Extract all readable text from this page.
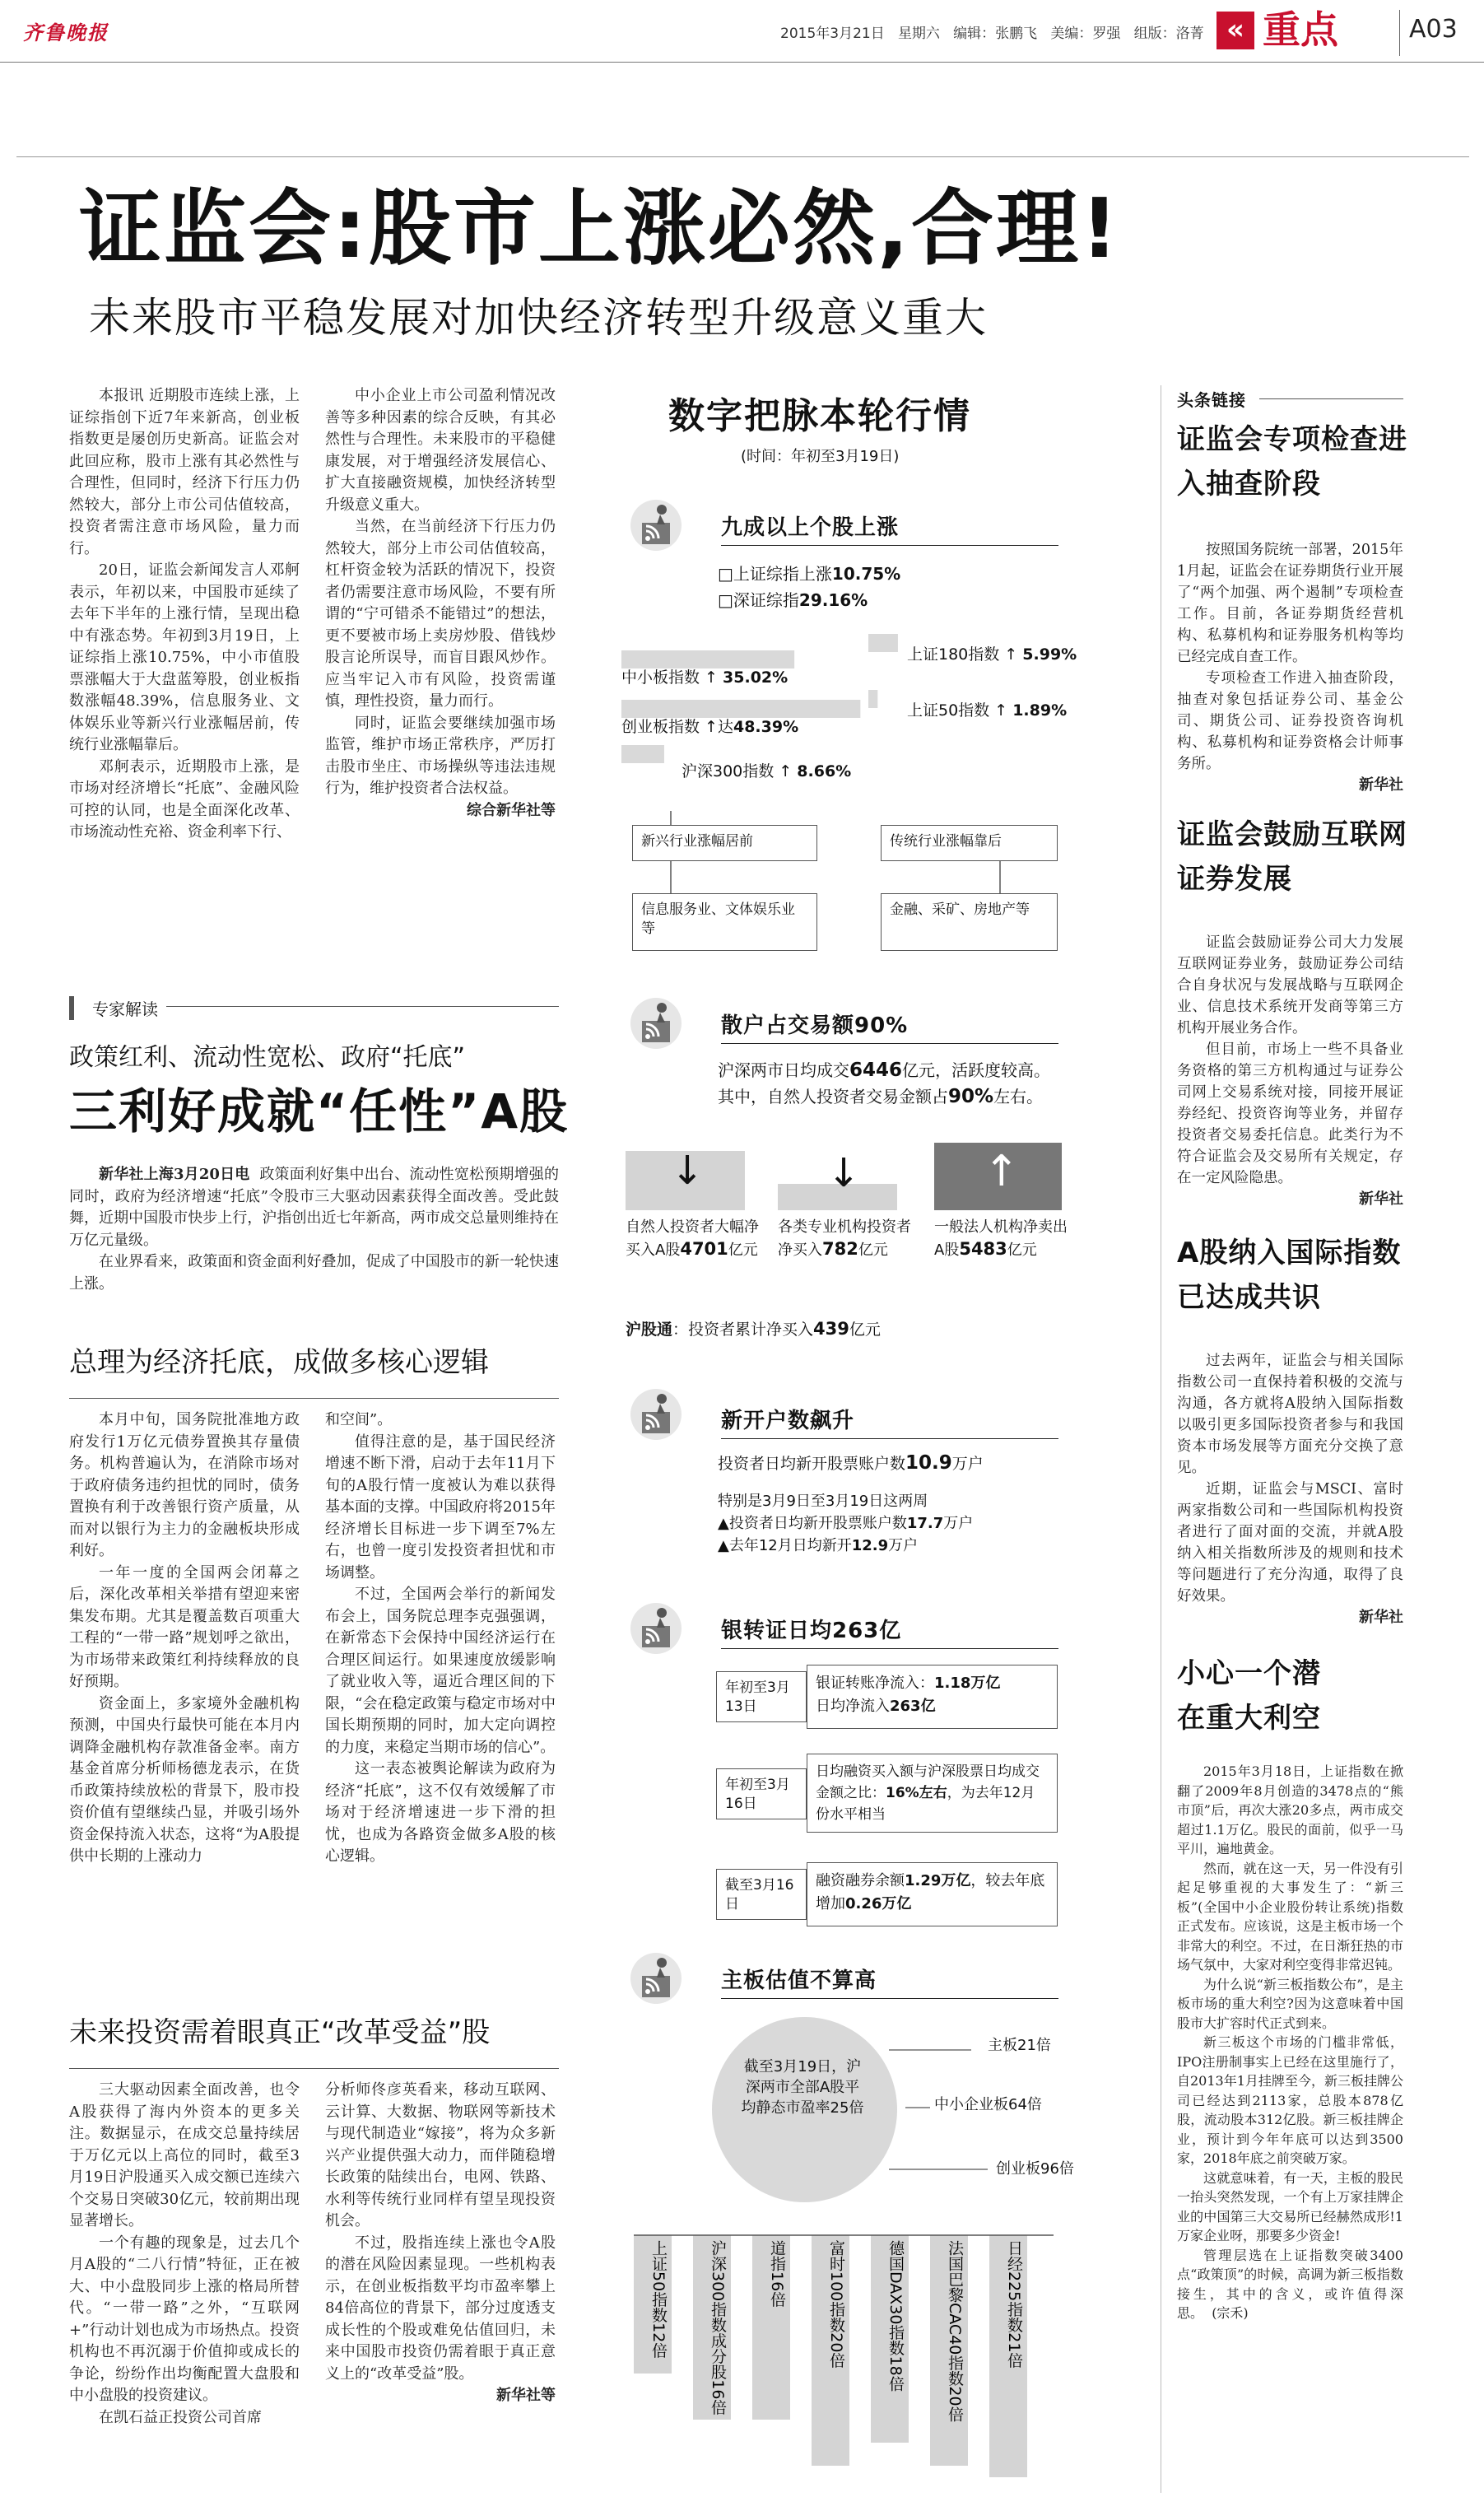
齐鲁晚报	2015年3月21日 星期六 编辑：张鹏飞 美编：罗强 组版：洛菁 « 重点	A03
证监会:股市上涨必然,合理!
未来股市平稳发展对加快经济转型升级意义重大

本报讯 近期股市连续上涨，上证综指创下近7年来新高，创业板指数更是屡创历史新高。证监会对此回应称，股市上涨有其必然性与合理性，但同时，经济下行压力仍然较大，部分上市公司估值较高，投资者需注意市场风险，量力而行。

20日，证监会新闻发言人邓舸表示，年初以来，中国股市延续了去年下半年的上涨行情，呈现出稳中有涨态势。年初到3月19日，上证综指上涨10.75%，中小市值股票涨幅大于大盘蓝筹股，创业板指数涨幅48.39%，信息服务业、文体娱乐业等新兴行业涨幅居前，传统行业涨幅靠后。

邓舸表示，近期股市上涨，是市场对经济增长“托底”、金融风险可控的认同，也是全面深化改革、市场流动性充裕、资金利率下行、

中小企业上市公司盈利情况改善等多种因素的综合反映，有其必然性与合理性。未来股市的平稳健康发展，对于增强经济发展信心、扩大直接融资规模，加快经济转型升级意义重大。

当然，在当前经济下行压力仍然较大，部分上市公司估值较高，杠杆资金较为活跃的情况下，投资者仍需要注意市场风险，不要有所谓的“宁可错杀不能错过”的想法，更不要被市场上卖房炒股、借钱炒股言论所误导，而盲目跟风炒作。应当牢记入市有风险，投资需谨慎，理性投资，量力而行。

同时，证监会要继续加强市场监管，维护市场正常秩序，严厉打击股市坐庄、市场操纵等违法违规行为，维护投资者合法权益。

综合新华社等
专家解读
政策红利、流动性宽松、政府“托底”
三利好成就“任性”A股

新华社上海3月20日电 政策面利好集中出台、流动性宽松预期增强的同时，政府为经济增速“托底”令股市三大驱动因素获得全面改善。受此鼓舞，近期中国股市快步上行，沪指创出近七年新高，两市成交总量则维持在万亿元量级。

在业界看来，政策面和资金面利好叠加，促成了中国股市的新一轮快速上涨。

总理为经济托底，成做多核心逻辑

本月中旬，国务院批准地方政府发行1万亿元债券置换其存量债务。机构普遍认为，在消除市场对于政府债务违约担忧的同时，债务置换有利于改善银行资产质量，从而对以银行为主力的金融板块形成利好。

一年一度的全国两会闭幕之后，深化改革相关举措有望迎来密集发布期。尤其是覆盖数百项重大工程的“一带一路”规划呼之欲出，为市场带来政策红利持续释放的良好预期。

资金面上，多家境外金融机构预测，中国央行最快可能在本月内调降金融机构存款准备金率。南方基金首席分析师杨德龙表示，在货币政策持续放松的背景下，股市投资价值有望继续凸显，并吸引场外资金保持流入状态，这将“为A股提供中长期的上涨动力

和空间”。

值得注意的是，基于国民经济增速不断下滑，启动于去年11月下旬的A股行情一度被认为难以获得基本面的支撑。中国政府将2015年经济增长目标进一步下调至7%左右，也曾一度引发投资者担忧和市场调整。

不过，全国两会举行的新闻发布会上，国务院总理李克强强调，在新常态下会保持中国经济运行在合理区间运行。如果速度放缓影响了就业收入等，逼近合理区间的下限，“会在稳定政策与稳定市场对中国长期预期的同时，加大定向调控的力度，来稳定当期市场的信心”。

这一表态被舆论解读为政府为经济“托底”，这不仅有效缓解了市场对于经济增速进一步下滑的担忧，也成为各路资金做多A股的核心逻辑。

未来投资需着眼真正“改革受益”股

三大驱动因素全面改善，也令A股获得了海内外资本的更多关注。数据显示，在成交总量持续居于万亿元以上高位的同时，截至3月19日沪股通买入成交额已连续六个交易日突破30亿元，较前期出现显著增长。

一个有趣的现象是，过去几个月A股的“二八行情”特征，正在被大、中小盘股同步上涨的格局所替代。“一带一路”之外，“互联网+”行动计划也成为市场热点。投资机构也不再沉溺于价值抑或成长的争论，纷纷作出均衡配置大盘股和中小盘股的投资建议。

在凯石益正投资公司首席

分析师佟彦英看来，移动互联网、云计算、大数据、物联网等新技术与现代制造业“嫁接”，将为众多新兴产业提供强大动力，而伴随稳增长政策的陆续出台，电网、铁路、水利等传统行业同样有望呈现投资机会。

不过，股指连续上涨也令A股的潜在风险因素显现。一些机构表示，在创业板指数平均市盈率攀上84倍高位的背景下，部分过度透支成长性的个股或难免估值回归，未来中国股市投资仍需着眼于真正意义上的“改革受益”股。

新华社等
数字把脉本轮行情
(时间：年初至3月19日)
九成以上个股上涨
□上证综指上涨10.75%
□深证综指29.16%
中小板指数 ↑ 35.02%
创业板指数 ↑达48.39%
沪深300指数 ↑ 8.66%
上证180指数 ↑ 5.99%
上证50指数 ↑ 1.89%
新兴行业涨幅居前
信息服务业、文体娱乐业等
传统行业涨幅靠后
金融、采矿、房地产等
散户占交易额90%
沪深两市日均成交6446亿元，活跃度较高。
其中，自然人投资者交易金额占90%左右。
↓	↓	↑
自然人投资者大幅净买入A股4701亿元
各类专业机构投资者净买入782亿元
一般法人机构净卖出A股5483亿元
沪股通：投资者累计净买入439亿元
新开户数飙升
投资者日均新开股票账户数10.9万户
特别是3月9日至3月19日这两周
▲投资者日均新开股票账户数17.7万户
▲去年12月日均新开12.9万户
银转证日均263亿
年初至3月13日
银证转账净流入：1.18万亿
日均净流入263亿
年初至3月16日
日均融资买入额与沪深股票日均成交金额之比：16%左右，为去年12月份水平相当
截至3月16日
融资融券余额1.29万亿，较去年底增加0.26万亿
主板估值不算高
截至3月19日，沪深两市全部A股平均静态市盈率25倍
主板21倍
中小企业板64倍
创业板96倍
上证50指数12倍	沪深300指数成分股16倍	道指16倍	富时100指数20倍	德国DAX30指数18倍	法国巴黎CAC40指数20倍	日经225指数21倍
头条链接
证监会专项检查进入抽查阶段

按照国务院统一部署，2015年1月起，证监会在证券期货行业开展了“两个加强、两个遏制”专项检查工作。目前，各证券期货经营机构、私募机构和证券服务机构等均已经完成自查工作。

专项检查工作进入抽查阶段，抽查对象包括证券公司、基金公司、期货公司、证券投资咨询机构、私募机构和证券资格会计师事务所。

新华社
证监会鼓励互联网证券发展

证监会鼓励证券公司大力发展互联网证券业务，鼓励证券公司结合自身状况与发展战略与互联网企业、信息技术系统开发商等第三方机构开展业务合作。

但目前，市场上一些不具备业务资格的第三方机构通过与证券公司网上交易系统对接，同接开展证券经纪、投资咨询等业务，并留存投资者交易委托信息。此类行为不符合证监会及交易所有关规定，存在一定风险隐患。

新华社
A股纳入国际指数已达成共识

过去两年，证监会与相关国际指数公司一直保持着积极的交流与沟通，各方就将A股纳入国际指数以吸引更多国际投资者参与和我国资本市场发展等方面充分交换了意见。

近期，证监会与MSCI、富时两家指数公司和一些国际机构投资者进行了面对面的交流，并就A股纳入相关指数所涉及的规则和技术等问题进行了充分沟通，取得了良好效果。

新华社
小心一个潜在重大利空

2015年3月18日，上证指数在掀翻了2009年8月创造的3478点的“熊市顶”后，再次大涨20多点，两市成交超过1.1万亿。股民的面前，似乎一马平川，遍地黄金。

然而，就在这一天，另一件没有引起足够重视的大事发生了：“新三板”(全国中小企业股份转让系统)指数正式发布。应该说，这是主板市场一个非常大的利空。不过，在日渐狂热的市场气氛中，大家对利空变得非常迟钝。

为什么说“新三板指数公布”，是主板市场的重大利空?因为这意味着中国股市大扩容时代正式到来。

新三板这个市场的门槛非常低，IPO注册制事实上已经在这里施行了，自2013年1月挂牌至今，新三板挂牌公司已经达到2113家，总股本878亿股，流动股本312亿股。新三板挂牌企业，预计到今年年底可以达到3500家，2018年底之前突破万家。

这就意味着，有一天，主板的股民一抬头突然发现，一个有上万家挂牌企业的中国第三大交易所已经赫然成形!1万家企业呀，那要多少资金!

管理层选在上证指数突破3400点“政策顶”的时候，高调为新三板指数接生，其中的含义，或许值得深思。 (宗禾)
